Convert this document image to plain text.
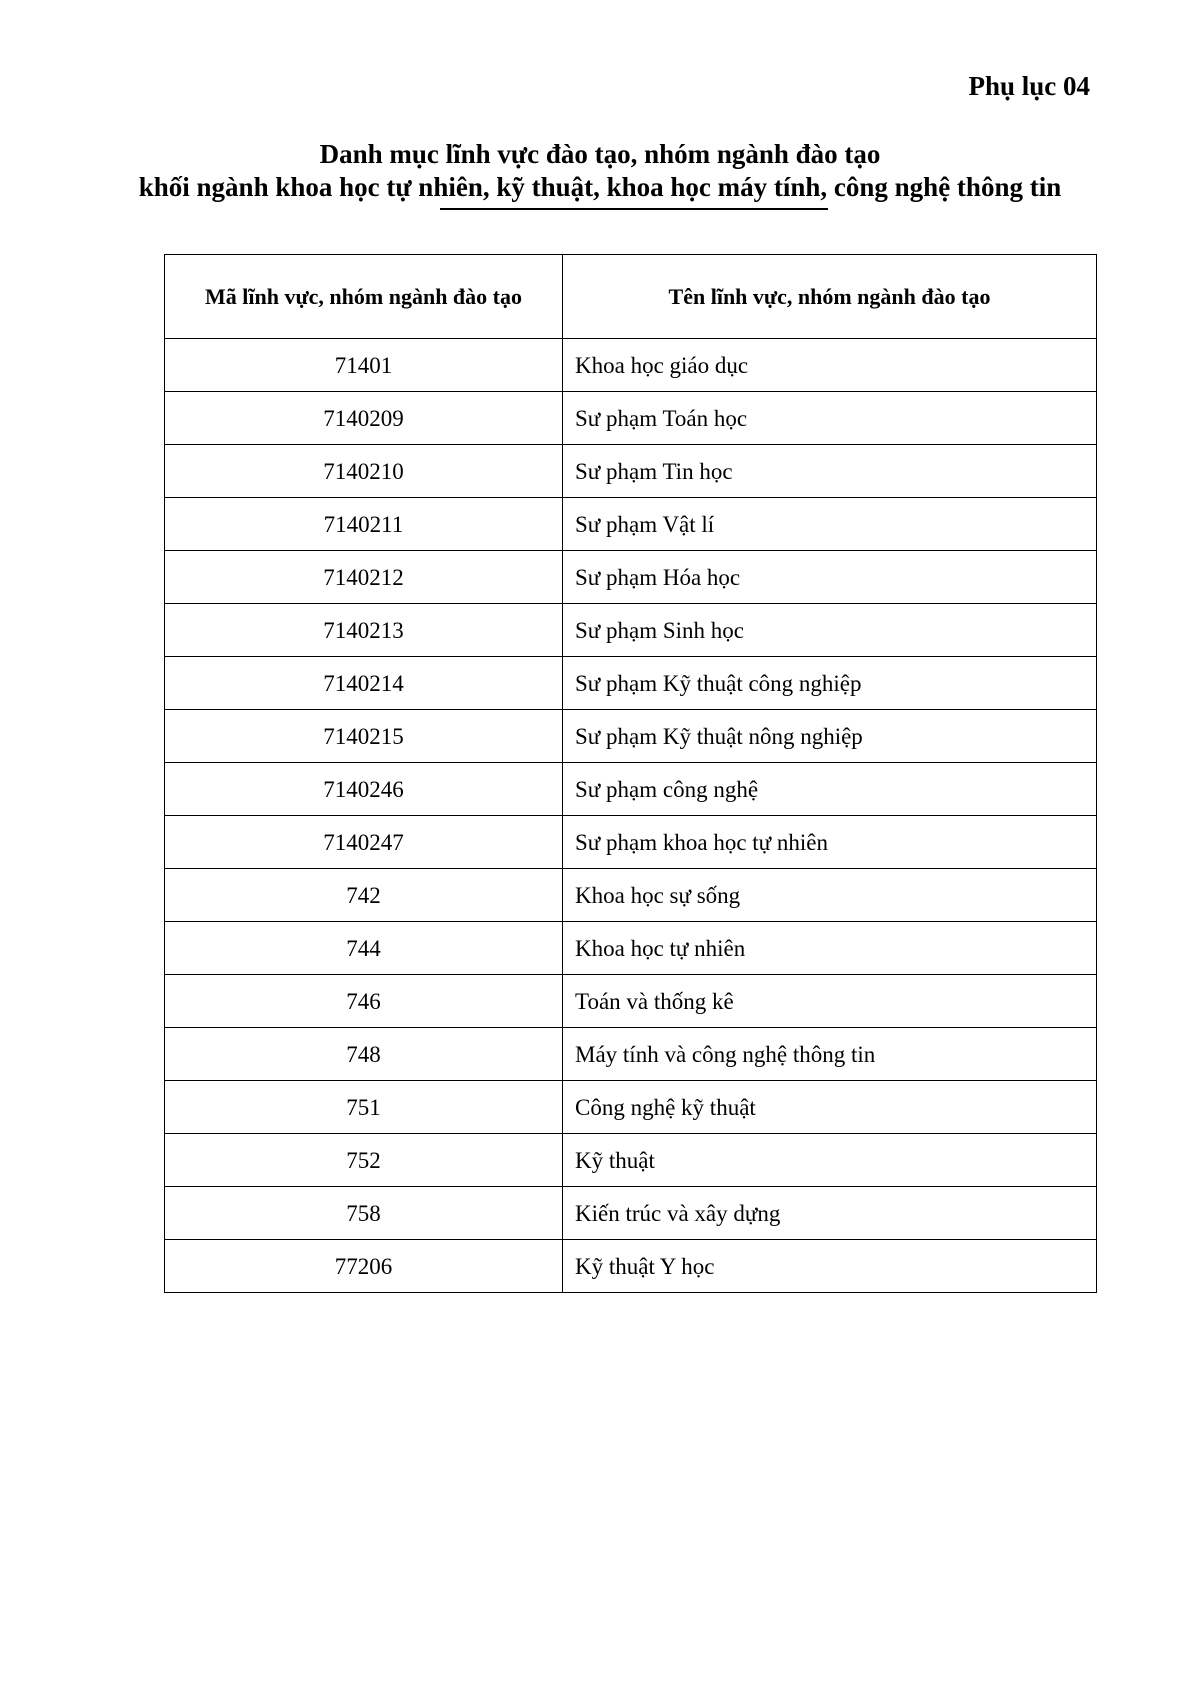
Phụ lục 04
Danh mục lĩnh vực đào tạo, nhóm ngành đào tạo
khối ngành khoa học tự nhiên, kỹ thuật, khoa học máy tính, công nghệ thông tin
Mã lĩnh vực, nhóm ngành đào tạo	Tên lĩnh vực, nhóm ngành đào tạo
71401	Khoa học giáo dục
7140209	Sư phạm Toán học
7140210	Sư phạm Tin học
7140211	Sư phạm Vật lí
7140212	Sư phạm Hóa học
7140213	Sư phạm Sinh học
7140214	Sư phạm Kỹ thuật công nghiệp
7140215	Sư phạm Kỹ thuật nông nghiệp
7140246	Sư phạm công nghệ
7140247	Sư phạm khoa học tự nhiên
742	Khoa học sự sống
744	Khoa học tự nhiên
746	Toán và thống kê
748	Máy tính và công nghệ thông tin
751	Công nghệ kỹ thuật
752	Kỹ thuật
758	Kiến trúc và xây dựng
77206	Kỹ thuật Y học
